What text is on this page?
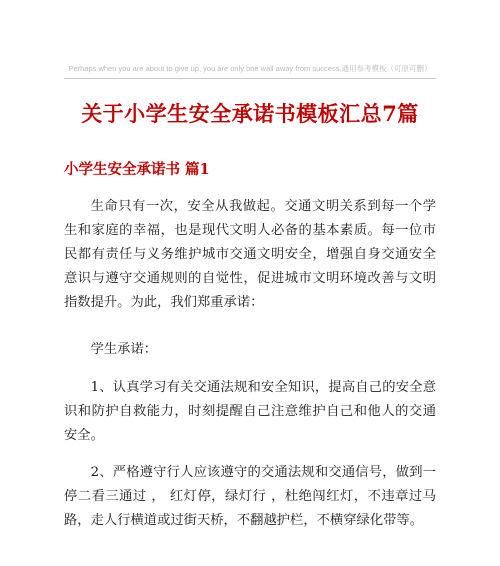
Perhaps when you are about to give up, you are only one wall away from success.通用参考模板（可原可删）
关于小学生安全承诺书模板汇总7篇
小学生安全承诺书 篇1

生命只有一次，安全从我做起。交通文明关系到每一个学生和家庭的幸福，也是现代文明人必备的基本素质。每一位市民都有责任与义务维护城市交通文明安全，增强自身交通安全意识与遵守交通规则的自觉性，促进城市文明环境改善与文明指数提升。为此，我们郑重承诺：

学生承诺：

1、认真学习有关交通法规和安全知识，提高自己的安全意识和防护自救能力，时刻提醒自己注意维护自己和他人的交通安全。

2、严格遵守行人应该遵守的交通法规和交通信号，做到一停二看三通过 ， 红灯停，绿灯行 ，杜绝闯红灯，不违章过马路，走人行横道或过街天桥，不翻越护栏，不横穿绿化带等。
